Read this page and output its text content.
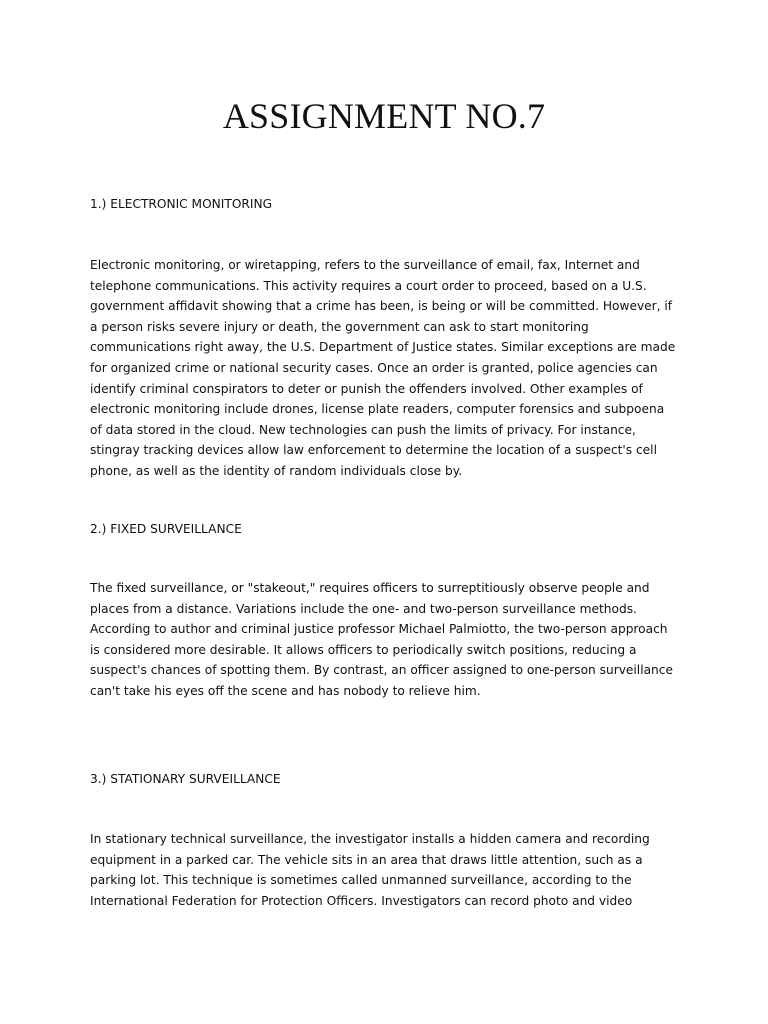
ASSIGNMENT NO.7
1.) ELECTRONIC MONITORING

Electronic monitoring, or wiretapping, refers to the surveillance of email, fax, Internet and
telephone communications. This activity requires a court order to proceed, based on a U.S.
government affidavit showing that a crime has been, is being or will be committed. However, if
a person risks severe injury or death, the government can ask to start monitoring
communications right away, the U.S. Department of Justice states. Similar exceptions are made
for organized crime or national security cases. Once an order is granted, police agencies can
identify criminal conspirators to deter or punish the offenders involved. Other examples of
electronic monitoring include drones, license plate readers, computer forensics and subpoena
of data stored in the cloud. New technologies can push the limits of privacy. For instance,
stingray tracking devices allow law enforcement to determine the location of a suspect's cell
phone, as well as the identity of random individuals close by.

2.) FIXED SURVEILLANCE

The fixed surveillance, or "stakeout," requires officers to surreptitiously observe people and
places from a distance. Variations include the one- and two-person surveillance methods.
According to author and criminal justice professor Michael Palmiotto, the two-person approach
is considered more desirable. It allows officers to periodically switch positions, reducing a
suspect's chances of spotting them. By contrast, an officer assigned to one-person surveillance
can't take his eyes off the scene and has nobody to relieve him.

3.) STATIONARY SURVEILLANCE

In stationary technical surveillance, the investigator installs a hidden camera and recording
equipment in a parked car. The vehicle sits in an area that draws little attention, such as a
parking lot. This technique is sometimes called unmanned surveillance, according to the
International Federation for Protection Officers. Investigators can record photo and video
